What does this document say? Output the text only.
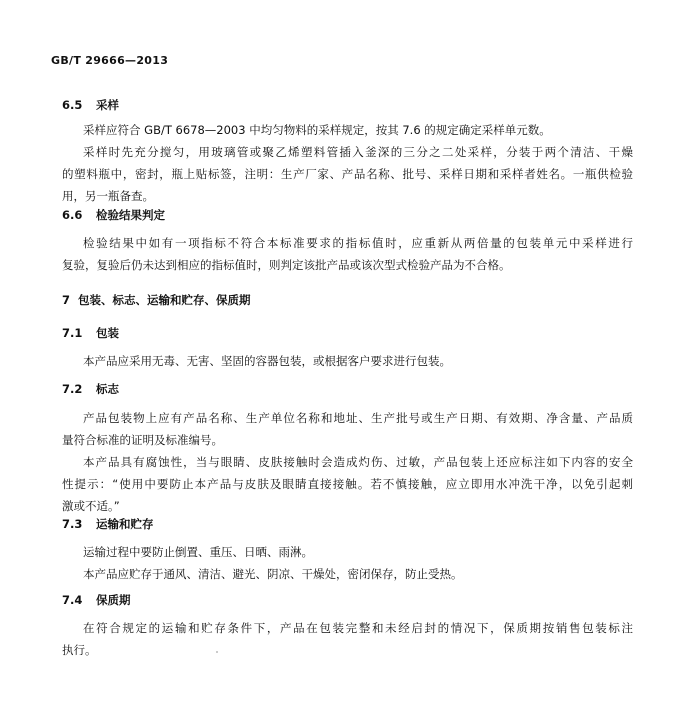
GB/T 29666—2013
6.5 采样
采样应符合 GB/T 6678—2003 中均匀物料的采样规定，按其 7.6 的规定确定采样单元数。
采样时先充分搅匀，用玻璃管或聚乙烯塑料管插入釜深的三分之二处采样，分装于两个清洁、干燥
的塑料瓶中，密封，瓶上贴标签，注明：生产厂家、产品名称、批号、采样日期和采样者姓名。一瓶供检验
用，另一瓶备查。
6.6 检验结果判定
检验结果中如有一项指标不符合本标准要求的指标值时，应重新从两倍量的包装单元中采样进行
复验，复验后仍未达到相应的指标值时，则判定该批产品或该次型式检验产品为不合格。
7 包装、标志、运输和贮存、保质期
7.1 包装
本产品应采用无毒、无害、坚固的容器包装，或根据客户要求进行包装。
7.2 标志
产品包装物上应有产品名称、生产单位名称和地址、生产批号或生产日期、有效期、净含量、产品质
量符合标准的证明及标准编号。
本产品具有腐蚀性，当与眼睛、皮肤接触时会造成灼伤、过敏，产品包装上还应标注如下内容的安全
性提示：“使用中要防止本产品与皮肤及眼睛直接接触。若不慎接触，应立即用水冲洗干净，以免引起刺
激或不适。”
7.3 运输和贮存
运输过程中要防止倒置、重压、日晒、雨淋。
本产品应贮存于通风、清洁、避光、阴凉、干燥处，密闭保存，防止受热。
7.4 保质期
在符合规定的运输和贮存条件下，产品在包装完整和未经启封的情况下，保质期按销售包装标注
执行。
